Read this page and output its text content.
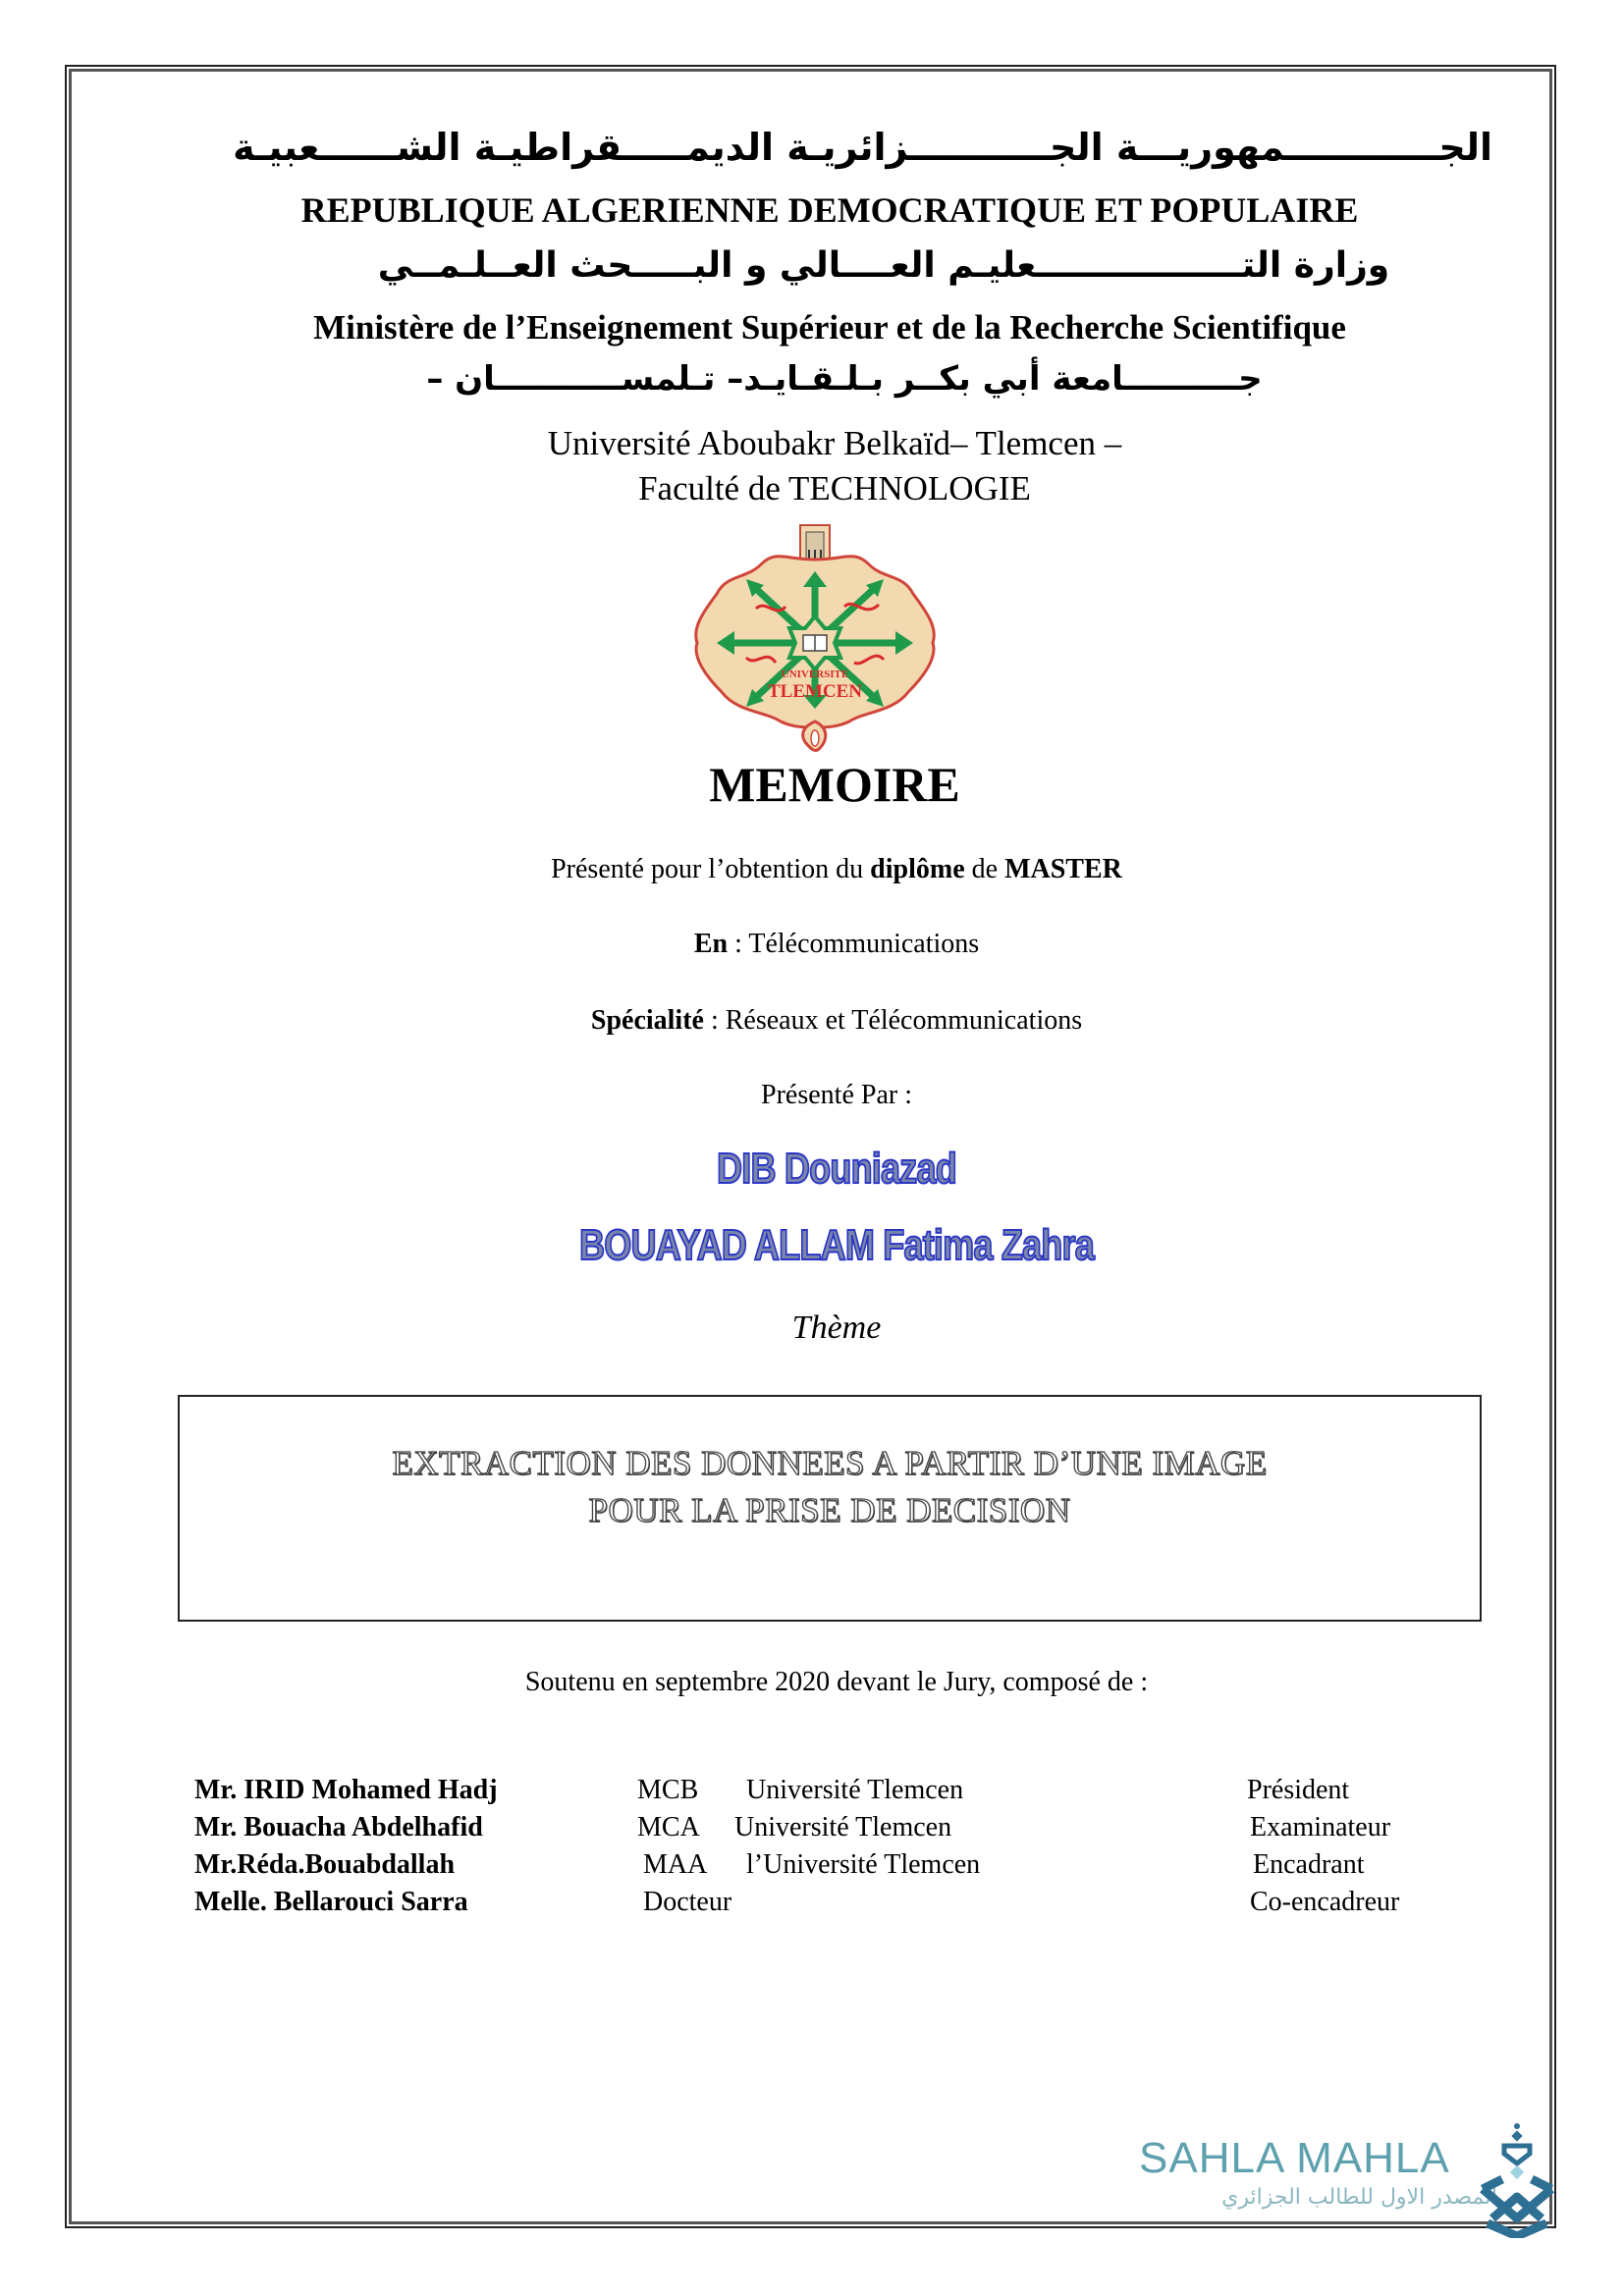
الجــــــــــــمهوريـــة الجـــــــــــزائريـة الديمـــــقراطيـة الشــــــعبيـة
REPUBLIQUE ALGERIENNE DEMOCRATIQUE ET POPULAIRE
وزارة التـــــــــــــــــعليـم العــــالي و البـــــحث العــلـمــي
Ministère de l’Enseignement Supérieur et de la Recherche Scientifique
جــــــــــامعة أبي بكــر بـلـقـايـد– تـلمســـــــــــان –
Université Aboubakr Belkaïd– Tlemcen –
Faculté de TECHNOLOGIE
UNIVERSITE
TLEMCEN
MEMOIRE
Présenté pour l’obtention du diplôme de MASTER
En : Télécommunications
Spécialité : Réseaux et Télécommunications
Présenté Par :
DIB Douniazad
BOUAYAD ALLAM Fatima Zahra
Thème
EXTRACTION DES DONNEES A PARTIR D’UNE IMAGE
POUR LA PRISE DE DECISION
Soutenu en septembre 2020 devant le Jury, composé de :
Mr. IRID Mohamed Hadj	MCB Université Tlemcen	Président
Mr. Bouacha Abdelhafid	MCA Université Tlemcen	Examinateur
Mr.Réda.Bouabdallah	MAA l’Université Tlemcen	Encadrant
Melle. Bellarouci Sarra	Docteur	Co-encadreur
SAHLA MAHLA
المصدر الاول للطالب الجزائري
